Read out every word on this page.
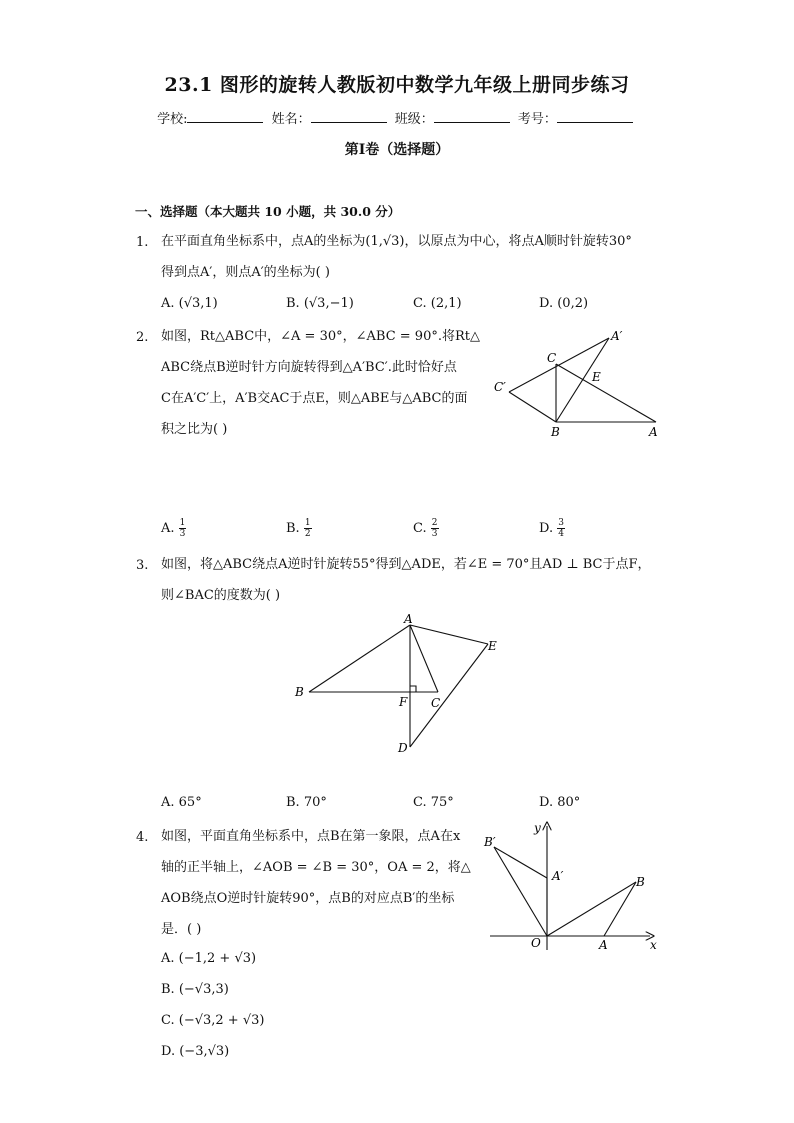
23.1 图形的旋转人教版初中数学九年级上册同步练习
学校:	姓名：	班级：	考号：
第Ⅰ卷（选择题）
一、选择题（本大题共 10 小题，共 30.0 分）
1. 在平面直角坐标系中，点A的坐标为(1,√3)，以原点为中心，将点A顺时针旋转30°
得到点A′，则点A′的坐标为( )
A. (√3,1)	B. (√3,−1)	C. (2,1)	D. (0,2)
2. 如图，Rt△ABC中，∠A = 30°，∠ABC = 90°.将Rt△
ABC绕点B逆时针方向旋转得到△A′BC′.此时恰好点
C在A′C′上，A′B交AC于点E，则△ABE与△ABC的面
积之比为( )
A′
C
E
C′
B	A
A. $\frac{1}{3}$	B. $\frac{1}{2}$	C. $\frac{2}{3}$	D. $\frac{3}{4}$
3. 如图，将△ABC绕点A逆时针旋转55°得到△ADE，若∠E = 70°且AD ⊥ BC于点F，
则∠BAC的度数为( )
A
E
B
F C
D
A. 65°	B. 70°	C. 75°	D. 80°
4. 如图，平面直角坐标系中，点B在第一象限，点A在x
轴的正半轴上，∠AOB = ∠B = 30°，OA = 2，将△
AOB绕点O逆时针旋转90°，点B的对应点B′的坐标
是．( )
y
B′
A′	B
O	A	x
A. (−1,2 + √3)
B. (−√3,3)
C. (−√3,2 + √3)
D. (−3,√3)
